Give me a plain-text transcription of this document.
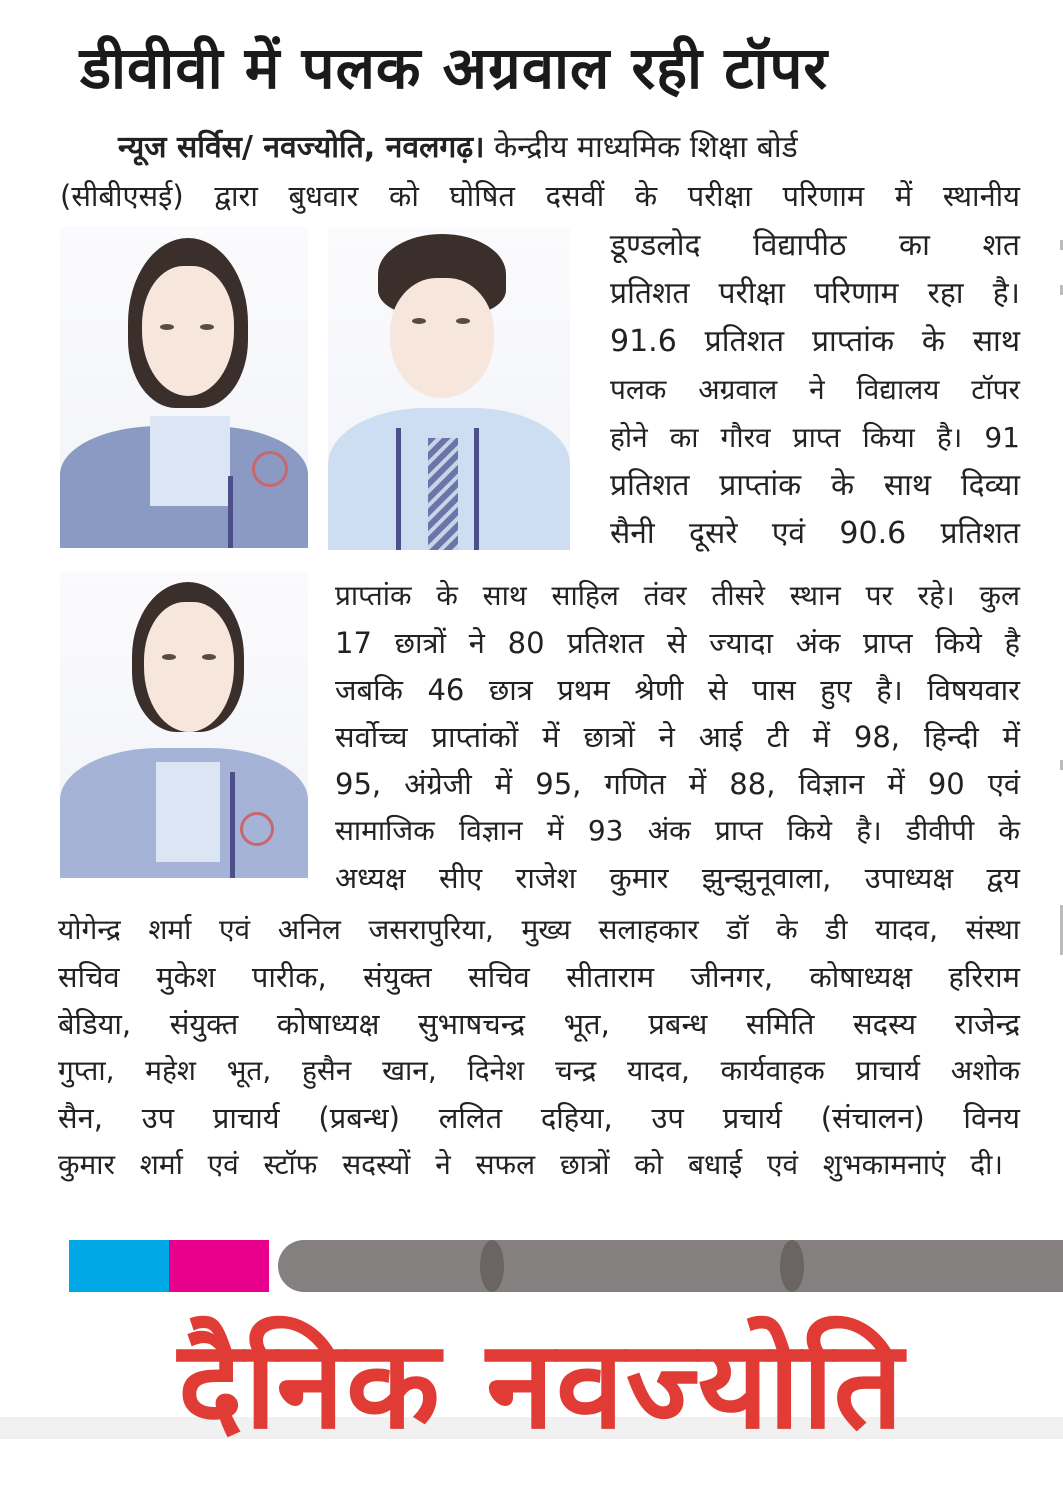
डीवीवी में पलक अग्रवाल रही टॉपर
न्यूज सर्विस/ नवज्योति, नवलगढ़। केन्द्रीय माध्यमिक शिक्षा बोर्ड
(सीबीएसई) द्वारा बुधवार को घोषित दसवीं के परीक्षा परिणाम में स्थानीय
डूण्डलोद विद्यापीठ का शत
प्रतिशत परीक्षा परिणाम रहा है।
91.6 प्रतिशत प्राप्तांक के साथ
पलक अग्रवाल ने विद्यालय टॉपर
होने का गौरव प्राप्त किया है। 91
प्रतिशत प्राप्तांक के साथ दिव्या
सैनी दूसरे एवं 90.6 प्रतिशत
प्राप्तांक के साथ साहिल तंवर तीसरे स्थान पर रहे। कुल
17 छात्रों ने 80 प्रतिशत से ज्यादा अंक प्राप्त किये है
जबकि 46 छात्र प्रथम श्रेणी से पास हुए है। विषयवार
सर्वोच्च प्राप्तांकों में छात्रों ने आई टी में 98, हिन्दी में
95, अंग्रेजी में 95, गणित में 88, विज्ञान में 90 एवं
सामाजिक विज्ञान में 93 अंक प्राप्त किये है। डीवीपी के
अध्यक्ष सीए राजेश कुमार झुन्झुनूवाला, उपाध्यक्ष द्वय
योगेन्द्र शर्मा एवं अनिल जसरापुरिया, मुख्य सलाहकार डॉ के डी यादव, संस्था
सचिव मुकेश पारीक, संयुक्त सचिव सीताराम जीनगर, कोषाध्यक्ष हरिराम
बेडिया, संयुक्त कोषाध्यक्ष सुभाषचन्द्र भूत, प्रबन्ध समिति सदस्य राजेन्द्र
गुप्ता, महेश भूत, हुसैन खान, दिनेश चन्द्र यादव, कार्यवाहक प्राचार्य अशोक
सैन, उप प्राचार्य (प्रबन्ध) ललित दहिया, उप प्रचार्य (संचालन) विनय
कुमार शर्मा एवं स्टॉफ सदस्यों ने सफल छात्रों को बधाई एवं शुभकामनाएं दी।
दैनिक नवज्योति
